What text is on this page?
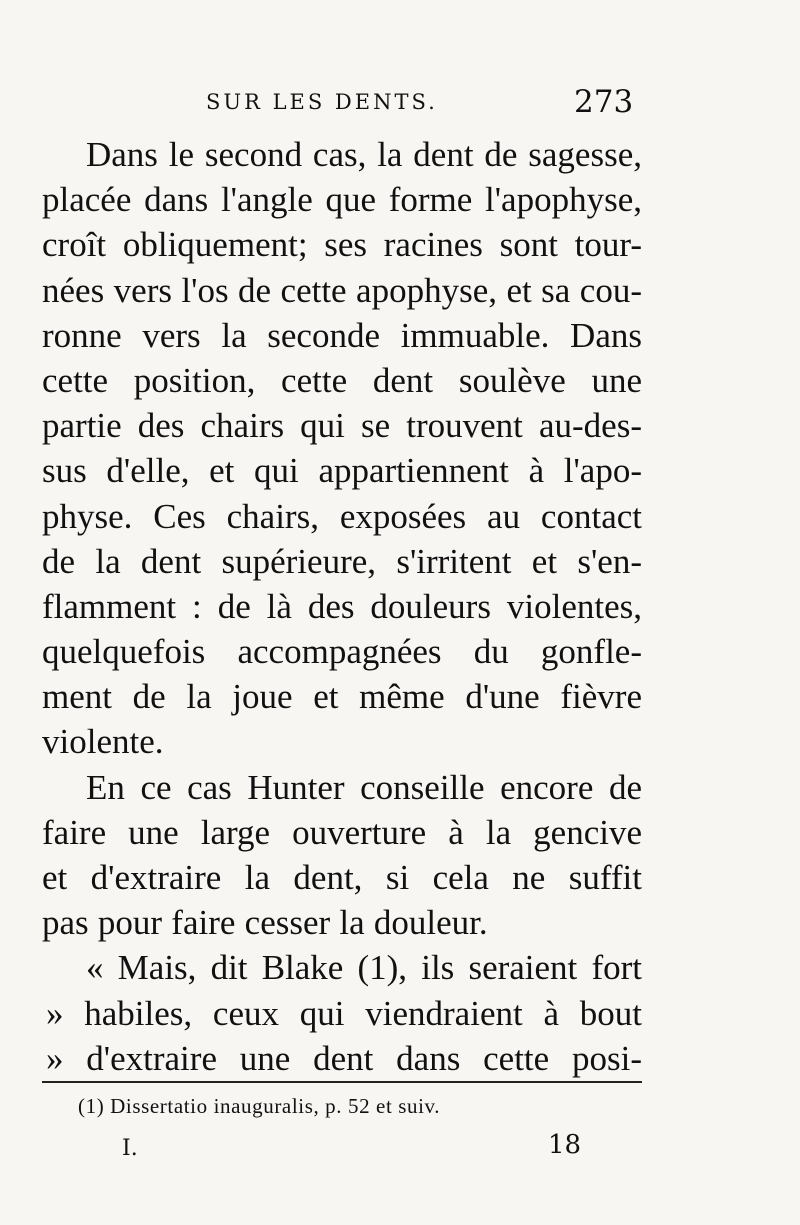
SUR LES DENTS.	273
Dans le second cas, la dent de sagesse,
placée dans l'angle que forme l'apophyse,
croît obliquement; ses racines sont tour-
nées vers l'os de cette apophyse, et sa cou-
ronne vers la seconde immuable. Dans
cette position, cette dent soulève une
partie des chairs qui se trouvent au-des-
sus d'elle, et qui appartiennent à l'apo-
physe. Ces chairs, exposées au contact
de la dent supérieure, s'irritent et s'en-
flamment : de là des douleurs violentes,
quelquefois accompagnées du gonfle-
ment de la joue et même d'une fièvre
violente.
En ce cas Hunter conseille encore de
faire une large ouverture à la gencive
et d'extraire la dent, si cela ne suffit
pas pour faire cesser la douleur.
« Mais, dit Blake (1), ils seraient fort
» habiles, ceux qui viendraient à bout
» d'extraire une dent dans cette posi-
(1) Dissertatio inauguralis, p. 52 et suiv.
I.	18
